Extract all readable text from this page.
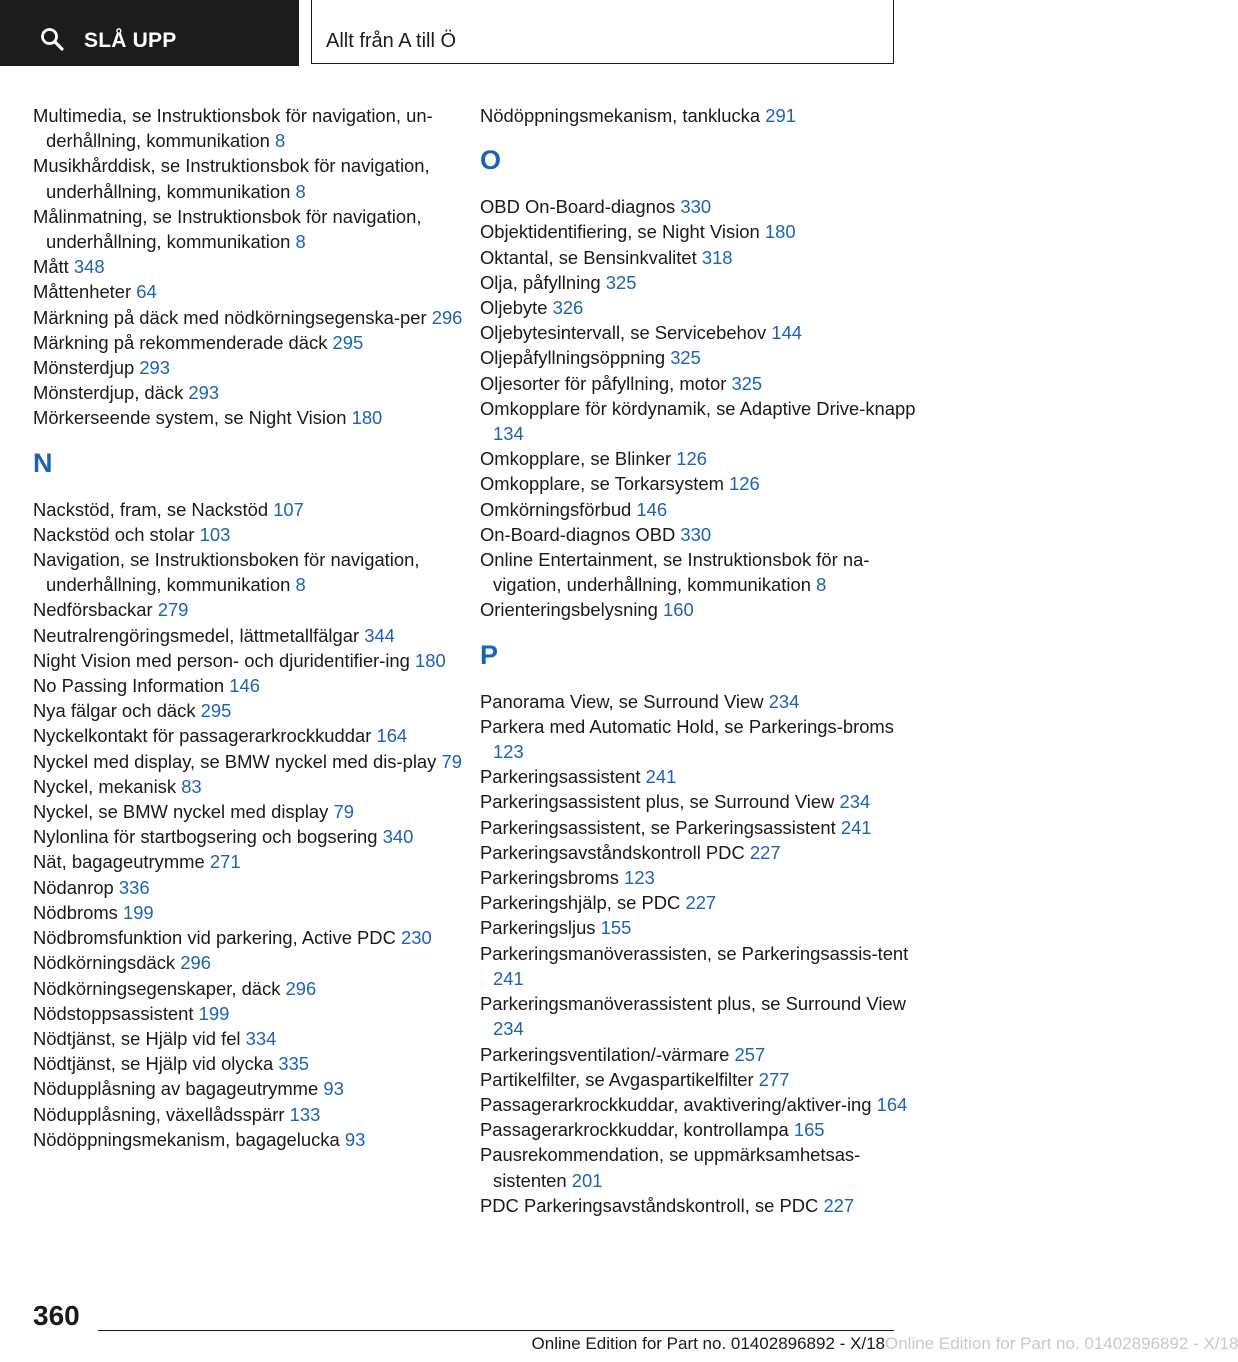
SLÅ UPP	Allt från A till Ö
Multimedia, se Instruktionsbok för navigation, un‐derhållning, kommunikation 8
Musikhårddisk, se Instruktionsbok för navigation, underhållning, kommunikation 8
Målinmatning, se Instruktionsbok för navigation, underhållning, kommunikation 8
Mått 348
Måttenheter 64
Märkning på däck med nödkörningsegenska‐per 296
Märkning på rekommenderade däck 295
Mönsterdjup 293
Mönsterdjup, däck 293
Mörkerseende system, se Night Vision 180
N
Nackstöd, fram, se Nackstöd 107
Nackstöd och stolar 103
Navigation, se Instruktionsboken för navigation, underhållning, kommunikation 8
Nedförsbackar 279
Neutralrengöringsmedel, lättmetallfälgar 344
Night Vision med person- och djuridentifier‐ing 180
No Passing Information 146
Nya fälgar och däck 295
Nyckelkontakt för passagerarkrockkuddar 164
Nyckel med display, se BMW nyckel med dis‐play 79
Nyckel, mekanisk 83
Nyckel, se BMW nyckel med display 79
Nylonlina för startbogsering och bogsering 340
Nät, bagageutrymme 271
Nödanrop 336
Nödbroms 199
Nödbromsfunktion vid parkering, Active PDC 230
Nödkörningsdäck 296
Nödkörningsegenskaper, däck 296
Nödstoppsassistent 199
Nödtjänst, se Hjälp vid fel 334
Nödtjänst, se Hjälp vid olycka 335
Nödupplåsning av bagageutrymme 93
Nödupplåsning, växellådsspärr 133
Nödöppningsmekanism, bagagelucka 93
Nödöppningsmekanism, tanklucka 291
O
OBD On-Board-diagnos 330
Objektidentifiering, se Night Vision 180
Oktantal, se Bensinkvalitet 318
Olja, påfyllning 325
Oljebyte 326
Oljebytesintervall, se Servicebehov 144
Oljepåfyllningsöppning 325
Oljesorter för påfyllning, motor 325
Omkopplare för kördynamik, se Adaptive Drive-knapp 134
Omkopplare, se Blinker 126
Omkopplare, se Torkarsystem 126
Omkörningsförbud 146
On-Board-diagnos OBD 330
Online Entertainment, se Instruktionsbok för na‐vigation, underhållning, kommunikation 8
Orienteringsbelysning 160
P
Panorama View, se Surround View 234
Parkera med Automatic Hold, se Parkerings‐broms 123
Parkeringsassistent 241
Parkeringsassistent plus, se Surround View 234
Parkeringsassistent, se Parkeringsassistent 241
Parkeringsavståndskontroll PDC 227
Parkeringsbroms 123
Parkeringshjälp, se PDC 227
Parkeringsljus 155
Parkeringsmanöverassisten, se Parkeringsassis‐tent 241
Parkeringsmanöverassistent plus, se Surround View 234
Parkeringsventilation/-värmare 257
Partikelfilter, se Avgaspartikelfilter 277
Passagerarkrockkuddar, avaktivering/aktiver‐ing 164
Passagerarkrockkuddar, kontrollampa 165
Pausrekommendation, se uppmärksamhetsas‐sistenten 201
PDC Parkeringsavståndskontroll, se PDC 227
360
Online Edition for Part no. 01402896892 - X/18 Online Edition for Part no. 01402896892 - X/18
